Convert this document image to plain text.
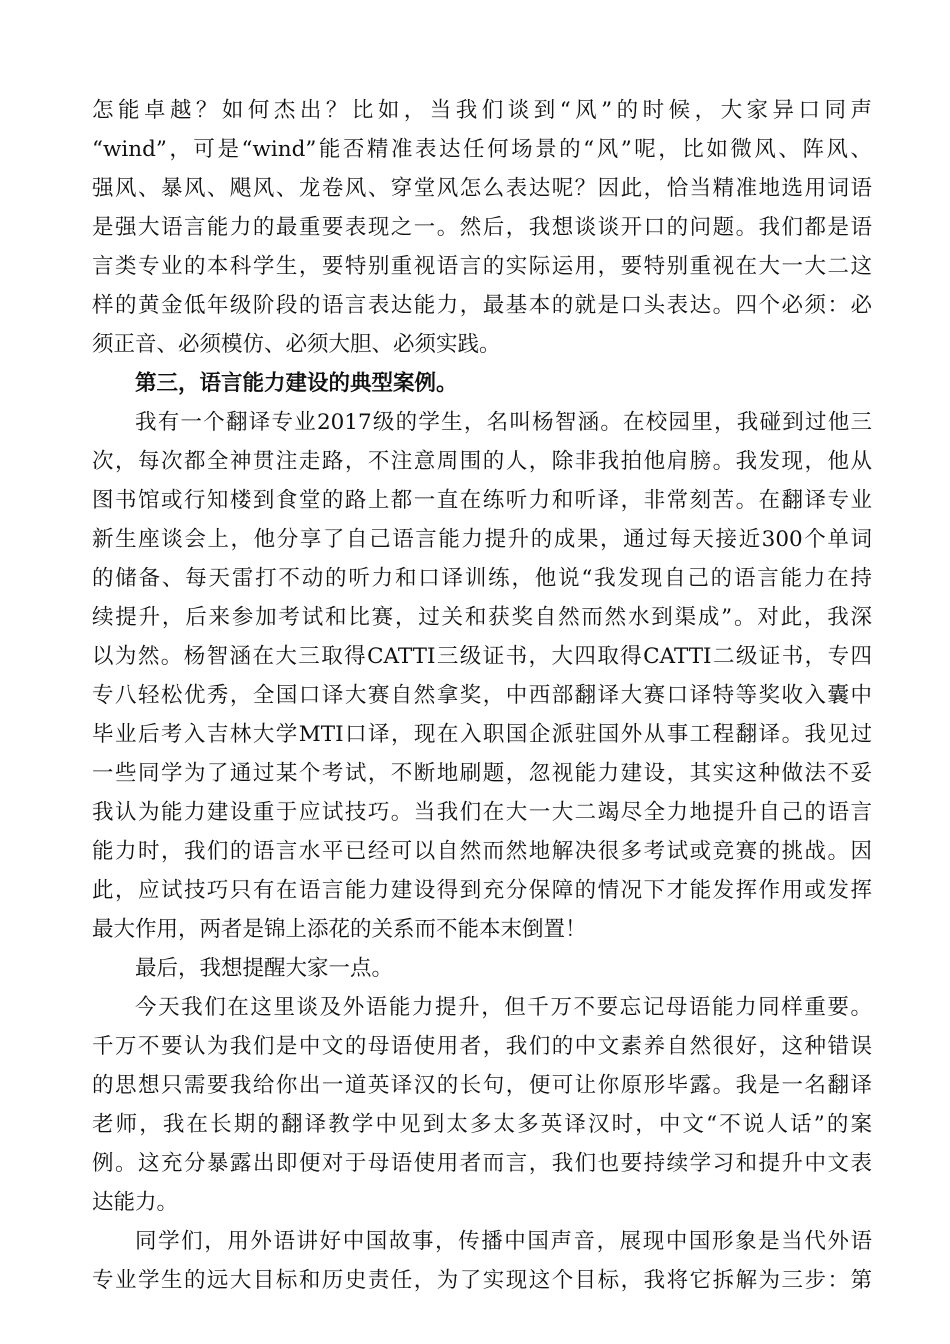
怎能卓越？如何杰出？比如，当我们谈到“风”的时候，大家异口同声
“wind”，可是“wind”能否精准表达任何场景的“风”呢，比如微风、阵风、
强风、暴风、飓风、龙卷风、穿堂风怎么表达呢？因此，恰当精准地选用词语
是强大语言能力的最重要表现之一。然后，我想谈谈开口的问题。我们都是语
言类专业的本科学生，要特别重视语言的实际运用，要特别重视在大一大二这
样的黄金低年级阶段的语言表达能力，最基本的就是口头表达。四个必须：必
须正音、必须模仿、必须大胆、必须实践。
第三，语言能力建设的典型案例。
我有一个翻译专业2017级的学生，名叫杨智涵。在校园里，我碰到过他三
次，每次都全神贯注走路，不注意周围的人，除非我拍他肩膀。我发现，他从
图书馆或行知楼到食堂的路上都一直在练听力和听译，非常刻苦。在翻译专业
新生座谈会上，他分享了自己语言能力提升的成果，通过每天接近300个单词
的储备、每天雷打不动的听力和口译训练，他说“我发现自己的语言能力在持
续提升，后来参加考试和比赛，过关和获奖自然而然水到渠成”。对此，我深
以为然。杨智涵在大三取得CATTI三级证书，大四取得CATTI二级证书，专四
专八轻松优秀，全国口译大赛自然拿奖，中西部翻译大赛口译特等奖收入囊中
毕业后考入吉林大学MTI口译，现在入职国企派驻国外从事工程翻译。我见过
一些同学为了通过某个考试，不断地刷题，忽视能力建设，其实这种做法不妥
我认为能力建设重于应试技巧。当我们在大一大二竭尽全力地提升自己的语言
能力时，我们的语言水平已经可以自然而然地解决很多考试或竞赛的挑战。因
此，应试技巧只有在语言能力建设得到充分保障的情况下才能发挥作用或发挥
最大作用，两者是锦上添花的关系而不能本末倒置！
最后，我想提醒大家一点。
今天我们在这里谈及外语能力提升，但千万不要忘记母语能力同样重要。
千万不要认为我们是中文的母语使用者，我们的中文素养自然很好，这种错误
的思想只需要我给你出一道英译汉的长句，便可让你原形毕露。我是一名翻译
老师，我在长期的翻译教学中见到太多太多英译汉时，中文“不说人话”的案
例。这充分暴露出即便对于母语使用者而言，我们也要持续学习和提升中文表
达能力。
同学们，用外语讲好中国故事，传播中国声音，展现中国形象是当代外语
专业学生的远大目标和历史责任，为了实现这个目标，我将它拆解为三步：第
